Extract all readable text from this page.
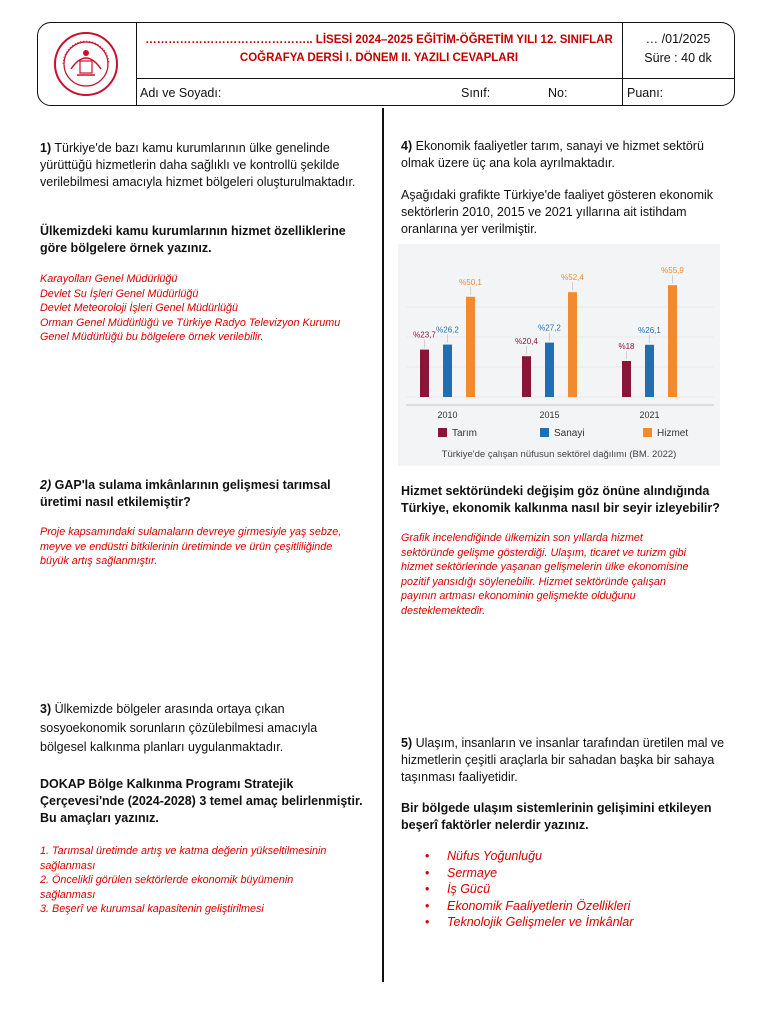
…………………………………….. LİSESİ 2024–2025 EĞİTİM-ÖĞRETİM YILI 12. SINIFLAR
COĞRAFYA DERSİ I. DÖNEM II. YAZILI CEVAPLARI
… /01/2025
Süre : 40 dk
Adı ve Soyadı:	Sınıf:	No:	Puanı:
1) Türkiye'de bazı kamu kurumlarının ülke genelinde yürüttüğü hizmetlerin daha sağlıklı ve kontrollü şekilde verilebilmesi amacıyla hizmet bölgeleri oluşturulmaktadır.
Ülkemizdeki kamu kurumlarının hizmet özelliklerine göre bölgelere örnek yazınız.
Karayolları Genel Müdürlüğü
Devlet Su İşleri Genel Müdürlüğü
Devlet Meteoroloji İşleri Genel Müdürlüğü
Orman Genel Müdürlüğü ve Türkiye Radyo Televizyon Kurumu
Genel Müdürlüğü bu bölgelere örnek verilebilir.
2) GAP'la sulama imkânlarının gelişmesi tarımsal üretimi nasıl etkilemiştir?
Proje kapsamındaki sulamaların devreye girmesiyle yaş sebze,
meyve ve endüstri bitkilerinin üretiminde ve ürün çeşitliliğinde
büyük artış sağlanmıştır.
3) Ülkemizde bölgeler arasında ortaya çıkan sosyoekonomik sorunların çözülebilmesi amacıyla bölgesel kalkınma planları uygulanmaktadır.
DOKAP Bölge Kalkınma Programı Stratejik Çerçevesi'nde (2024-2028) 3 temel amaç belirlenmiştir. Bu amaçları yazınız.
1. Tarımsal üretimde artış ve katma değerin yükseltilmesinin
sağlanması
2. Öncelikli görülen sektörlerde ekonomik büyümenin
sağlanması
3. Beşerî ve kurumsal kapasitenin geliştirilmesi
4) Ekonomik faaliyetler tarım, sanayi ve hizmet sektörü olmak üzere üç ana kola ayrılmaktadır.
Aşağıdaki grafikte Türkiye'de faaliyet gösteren ekonomik sektörlerin 2010, 2015 ve 2021 yıllarına ait istihdam oranlarına yer verilmiştir.
%23,7
%26,2
%50,1
2010
%20,4
%27,2
%52,4
2015
%18
%26,1
%55,9
2021
Tarım	Sanayi	Hizmet
Türkiye'de çalışan nüfusun sektörel dağılımı (BM. 2022)
Hizmet sektöründeki değişim göz önüne alındığında Türkiye, ekonomik kalkınma nasıl bir seyir izleyebilir?
Grafik incelendiğinde ülkemizin son yıllarda hizmet
sektöründe gelişme gösterdiği. Ulaşım, ticaret ve turizm gibi
hizmet sektörlerinde yaşanan gelişmelerin ülke ekonomisine
pozitif yansıdığı söylenebilir. Hizmet sektöründe çalışan
payının artması ekonominin gelişmekte olduğunu
desteklemektedir.
5) Ulaşım, insanların ve insanlar tarafından üretilen mal ve hizmetlerin çeşitli araçlarla bir sahadan başka bir sahaya taşınması faaliyetidir.
Bir bölgede ulaşım sistemlerinin gelişimini etkileyen beşerî faktörler nelerdir yazınız.
• Nüfus Yoğunluğu
• Sermaye
• İş Gücü
• Ekonomik Faaliyetlerin Özellikleri
• Teknolojik Gelişmeler ve İmkânlar
